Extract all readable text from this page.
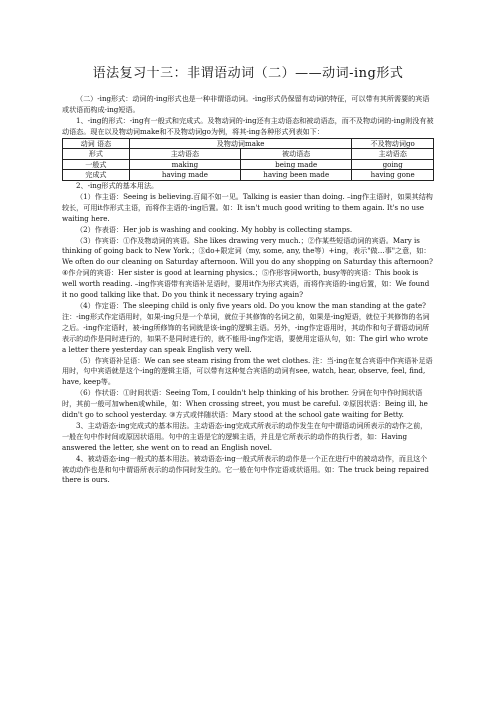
语法复习十三：非谓语动词（二）——动词-ing形式

（二）-ing形式：动词的-ing形式也是一种非谓语动词。-ing形式仍保留有动词的特征，可以带有其所需要的宾语或状语而构成-ing短语。

1、-ing的形式：-ing有一般式和完成式。及物动词的-ing还有主动语态和被动语态，而不及物动词的-ing则没有被动语态。现在以及物动词make和不及物动词go为例，将其-ing各种形式列表如下：

动词 语态	及物动词make		不及物动词go
形式	主动语态	被动语态	主动语态
一般式	making	being made	going
完成式	having made	having been made	having gone

2、-ing形式的基本用法。

（1）作主语：Seeing is believing.百闻不如一见。Talking is easier than doing. –ing作主语时，如果其结构较长，可用it作形式主语，而将作主语的-ing后置。如：It isn't much good writing to them again. It's no use waiting here.

（2）作表语：Her job is washing and cooking. My hobby is collecting stamps.

（3）作宾语：①作及物动词的宾语。She likes drawing very much.；②作某些短语动词的宾语。Mary is thinking of going back to New York.；③do+限定词（my, some, any, the等）+ing，表示"做…事"之意，如：We often do our cleaning on Saturday afternoon. Will you do any shopping on Saturday this afternoon? ④作介词的宾语：Her sister is good at learning physics.；⑤作形容词worth, busy等的宾语：This book is well worth reading. –ing作宾语带有宾语补足语时，要用it作为形式宾语，而将作宾语的-ing后置，如：We found it no good talking like that. Do you think it necessary trying again?

（4）作定语：The sleeping child is only five years old. Do you know the man standing at the gate? 注：-ing形式作定语用时，如果-ing只是一个单词，就位于其修饰的名词之前，如果是-ing短语，就位于其修饰的名词之后。-ing作定语时，被-ing所修饰的名词就是该-ing的逻辑主语。另外，-ing作定语用时，其动作和句子谓语动词所表示的动作是同时进行的，如果不是同时进行的，就不能用-ing作定语，要使用定语从句，如：The girl who wrote a letter there yesterday can speak English very well.

（5）作宾语补足语：We can see steam rising from the wet clothes. 注：当-ing在复合宾语中作宾语补足语用时，句中宾语就是这个-ing的逻辑主语，可以带有这种复合宾语的动词有see, watch, hear, observe, feel, find, have, keep等。

（6）作状语：①时间状语：Seeing Tom, I couldn't help thinking of his brother. 分词在句中作时间状语时，其前一般可加when或while，如：When crossing street, you must be careful. ②原因状语：Being ill, he didn't go to school yesterday. ③方式或伴随状语：Mary stood at the school gate waiting for Betty.

3、主动语态-ing完成式的基本用法。主动语态-ing完成式所表示的动作发生在句中谓语动词所表示的动作之前，一般在句中作时间或原因状语用。句中的主语是它的逻辑主语，并且是它所表示的动作的执行者，如：Having answered the letter, she went on to read an English novel.

4、被动语态-ing一般式的基本用法。被动语态-ing一般式所表示的动作是一个正在进行中的被动动作，而且这个被动动作也是和句中谓语所表示的动作同时发生的。它一般在句中作定语或状语用。如：The truck being repaired there is ours.
